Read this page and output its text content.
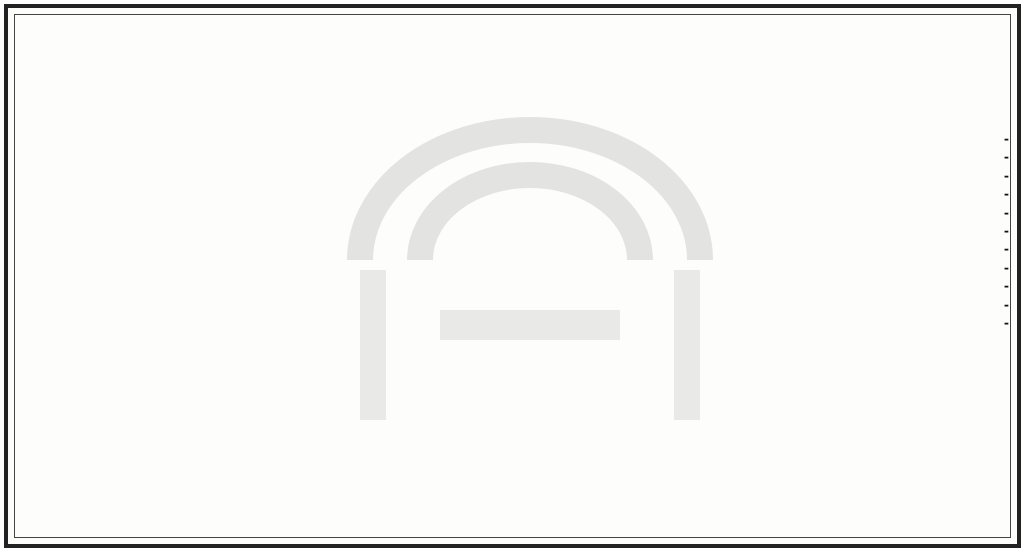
-

-

-

-

-

-

-

-

-

-

-
